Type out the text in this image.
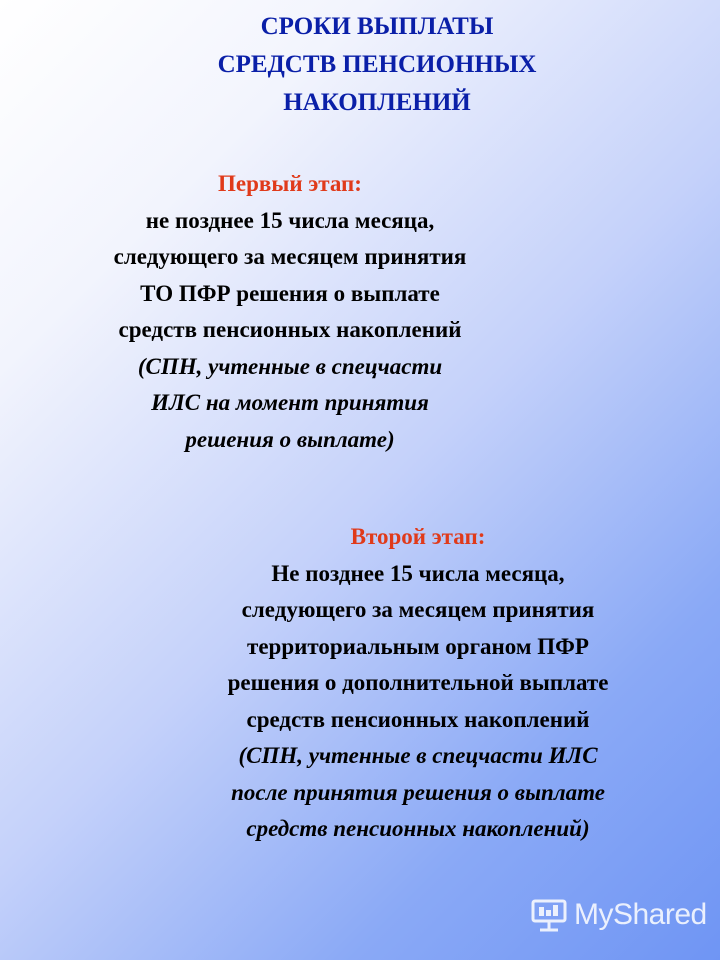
СРОКИ ВЫПЛАТЫ
СРЕДСТВ ПЕНСИОННЫХ
НАКОПЛЕНИЙ
Первый этап:
не позднее 15 числа месяца,
следующего за месяцем принятия
ТО ПФР решения о выплате
средств пенсионных накоплений
(СПН, учтенные в спецчасти
ИЛС на момент принятия
решения о выплате)
Второй этап:
Не позднее 15 числа месяца,
следующего за месяцем принятия
территориальным органом ПФР
решения о дополнительной выплате
средств пенсионных накоплений
(СПН, учтенные в спецчасти ИЛС
после принятия решения о выплате
средств пенсионных накоплений)
MyShared
